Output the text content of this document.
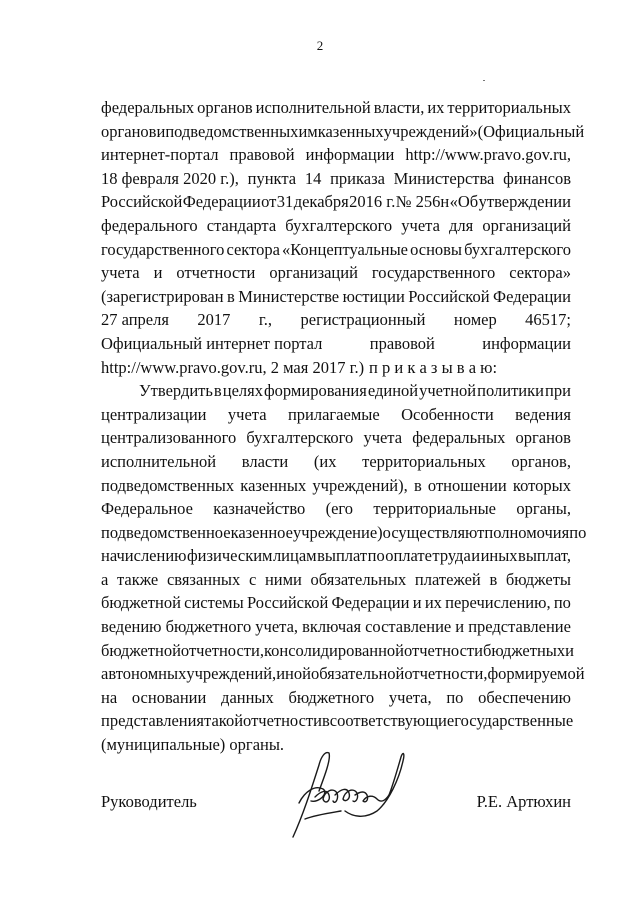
2
федеральных органов исполнительной власти, их территориальных
органов и подведомственных им казенных учреждений» (Официальный
интернет-портал правовой информации http://www.pravo.gov.ru,
18 февраля 2020 г.), пункта 14 приказа Министерства финансов
Российской Федерации от 31 декабря 2016 г. № 256н «Об утверждении
федерального стандарта бухгалтерского учета для организаций
государственного сектора «Концептуальные основы бухгалтерского
учета и отчетности организаций государственного сектора»
(зарегистрирован в Министерстве юстиции Российской Федерации
27 апреля 2017 г., регистрационный номер 46517;
Официальный интернет портал	правовой	информации
http://www.pravo.gov.ru, 2 мая 2017 г.) п р и к а з ы в а ю:
Утвердить в целях формирования единой учетной политики при
централизации учета прилагаемые Особенности ведения
централизованного бухгалтерского учета федеральных органов
исполнительной власти (их территориальных органов,
подведомственных казенных учреждений), в отношении которых
Федеральное казначейство (его территориальные органы,
подведомственное казенное учреждение) осуществляют полномочия по
начислению физическим лицам выплат по оплате труда и иных выплат,
а также связанных с ними обязательных платежей в бюджеты
бюджетной системы Российской Федерации и их перечислению, по
ведению бюджетного учета, включая составление и представление
бюджетной отчетности, консолидированной отчетности бюджетных и
автономных учреждений, иной обязательной отчетности, формируемой
на основании данных бюджетного учета, по обеспечению
представления такой отчетности в соответствующие государственные
(муниципальные) органы.
Руководитель	Р.Е. Артюхин
